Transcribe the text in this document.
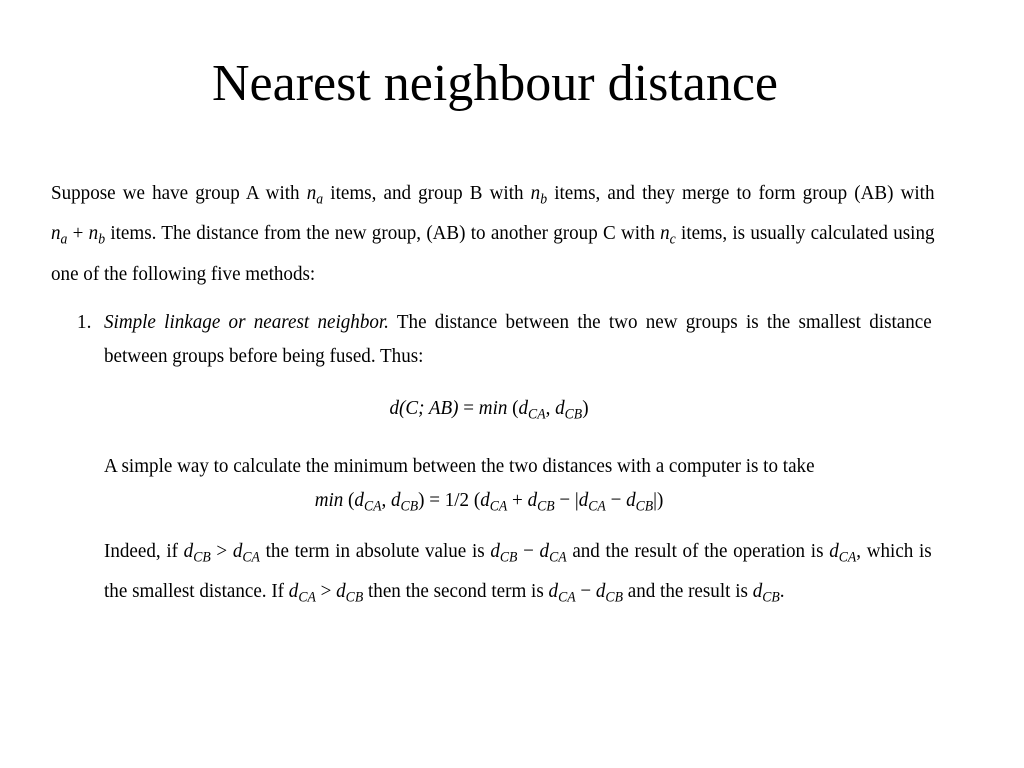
Nearest neighbour distance

Suppose we have group A with $n_a$ items, and group B with $n_b$ items, and they merge to form group (AB) with $n_a + n_b$ items. The distance from the new group, (AB) to another group C with $n_c$ items, is usually calculated using one of the following five methods:

1. Simple linkage or nearest neighbor. The distance between the two new groups is the smallest distance between groups before being fused. Thus:

d(C; $AB) = \min (d_{CA}$, $d_{CB}$)

A simple way to calculate the minimum between the two distances with a computer is to take

$\min (d_{CA}$, $d_{CB}) = 1/2$ $(d_{CA} + d_{CB} - |d_{CA} - d_{CB}|)$

Indeed, if $d_{CB} > d_{CA}$ the term in absolute value is $d_{CB} - d_{CA}$ and the result of the operation is $d_{CA}$, which is the smallest distance. If $d_{CA} > d_{CB}$ then the second term is $d_{CA} - d_{CB}$ and the result is $d_{CB}$.
